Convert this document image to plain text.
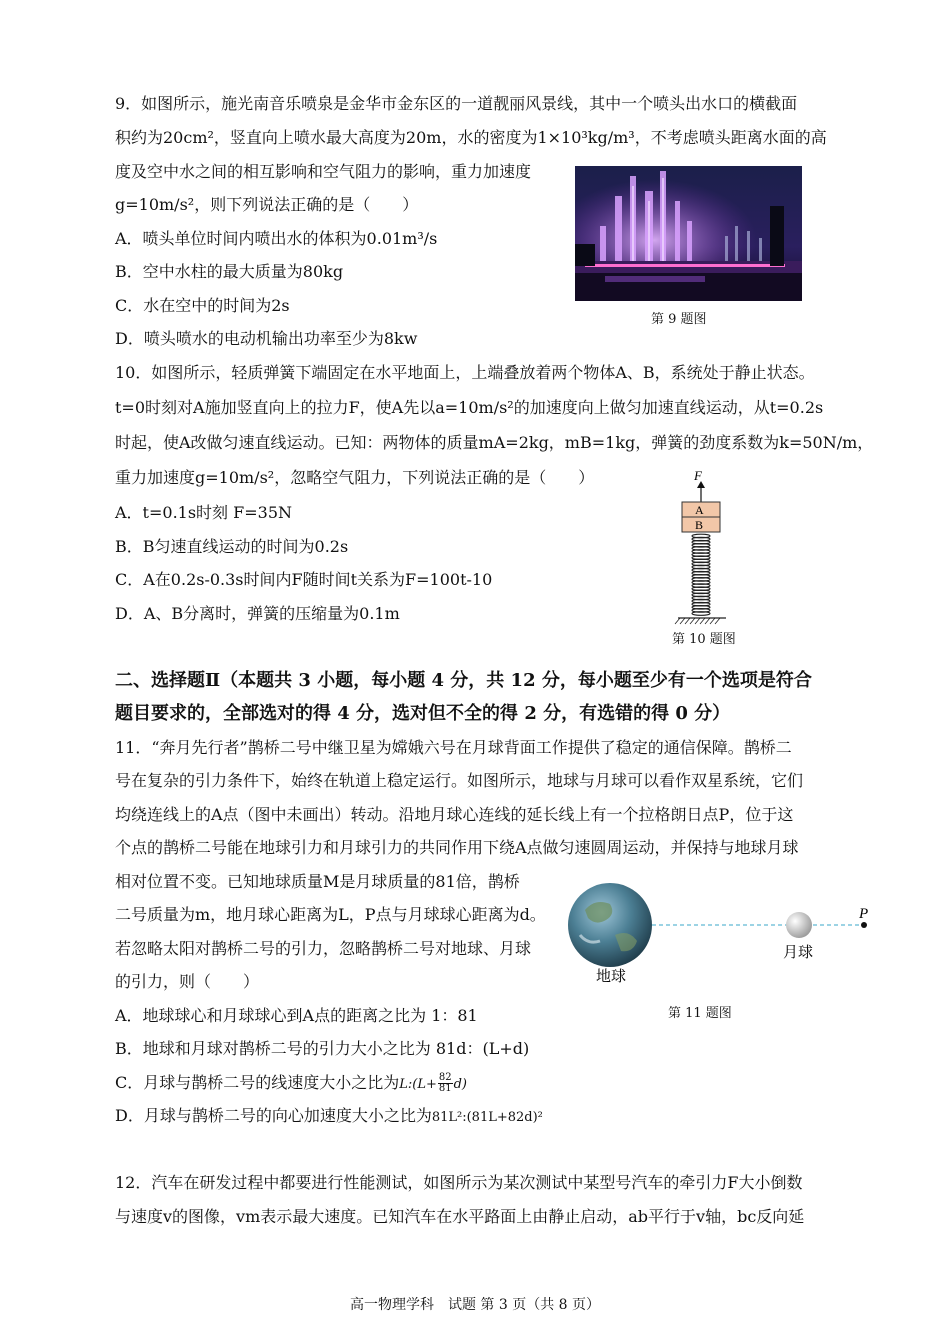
9．如图所示，施光南音乐喷泉是金华市金东区的一道靓丽风景线，其中一个喷头出水口的横截面
积约为20cm²，竖直向上喷水最大高度为20m，水的密度为1×10³kg/m³，不考虑喷头距离水面的高
度及空中水之间的相互影响和空气阻力的影响，重力加速度
g=10m/s²，则下列说法正确的是（　　）
A．喷头单位时间内喷出水的体积为0.01m³/s
B．空中水柱的最大质量为80kg
C．水在空中的时间为2s
D．喷头喷水的电动机输出功率至少为8kw
第 9 题图
10．如图所示，轻质弹簧下端固定在水平地面上，上端叠放着两个物体A、B，系统处于静止状态。
t=0时刻对A施加竖直向上的拉力F，使A先以a=10m/s²的加速度向上做匀加速直线运动，从t=0.2s
时起，使A改做匀速直线运动。已知：两物体的质量mA=2kg，mB=1kg，弹簧的劲度系数为k=50N/m，
重力加速度g=10m/s²，忽略空气阻力，下列说法正确的是（　　）
A．t=0.1s时刻 F=35N
B．B匀速直线运动的时间为0.2s
C．A在0.2s-0.3s时间内F随时间t关系为F=100t-10
D．A、B分离时，弹簧的压缩量为0.1m
F
A
B
第 10 题图
二、选择题Ⅱ（本题共 3 小题，每小题 4 分，共 12 分，每小题至少有一个选项是符合
题目要求的，全部选对的得 4 分，选对但不全的得 2 分，有选错的得 0 分）
11．“奔月先行者”鹊桥二号中继卫星为嫦娥六号在月球背面工作提供了稳定的通信保障。鹊桥二
号在复杂的引力条件下，始终在轨道上稳定运行。如图所示，地球与月球可以看作双星系统，它们
均绕连线上的A点（图中未画出）转动。沿地月球心连线的延长线上有一个拉格朗日点P，位于这
个点的鹊桥二号能在地球引力和月球引力的共同作用下绕A点做匀速圆周运动，并保持与地球月球
相对位置不变。已知地球质量M是月球质量的81倍，鹊桥
二号质量为m，地月球心距离为L，P点与月球球心距离为d。
若忽略太阳对鹊桥二号的引力，忽略鹊桥二号对地球、月球
的引力，则（　　）
A．地球球心和月球球心到A点的距离之比为 1：81
B．地球和月球对鹊桥二号的引力大小之比为 81d：(L+d)
C．月球与鹊桥二号的线速度大小之比为L:(L+ $\frac{82}{81} d$)
D．月球与鹊桥二号的向心加速度大小之比为81L²:(81L+82d)²
P
月球
地球
第 11 题图
12．汽车在研发过程中都要进行性能测试，如图所示为某次测试中某型号汽车的牵引力F大小倒数
与速度v的图像，vm表示最大速度。已知汽车在水平路面上由静止启动，ab平行于v轴，bc反向延
高一物理学科　试题 第 3 页（共 8 页）
